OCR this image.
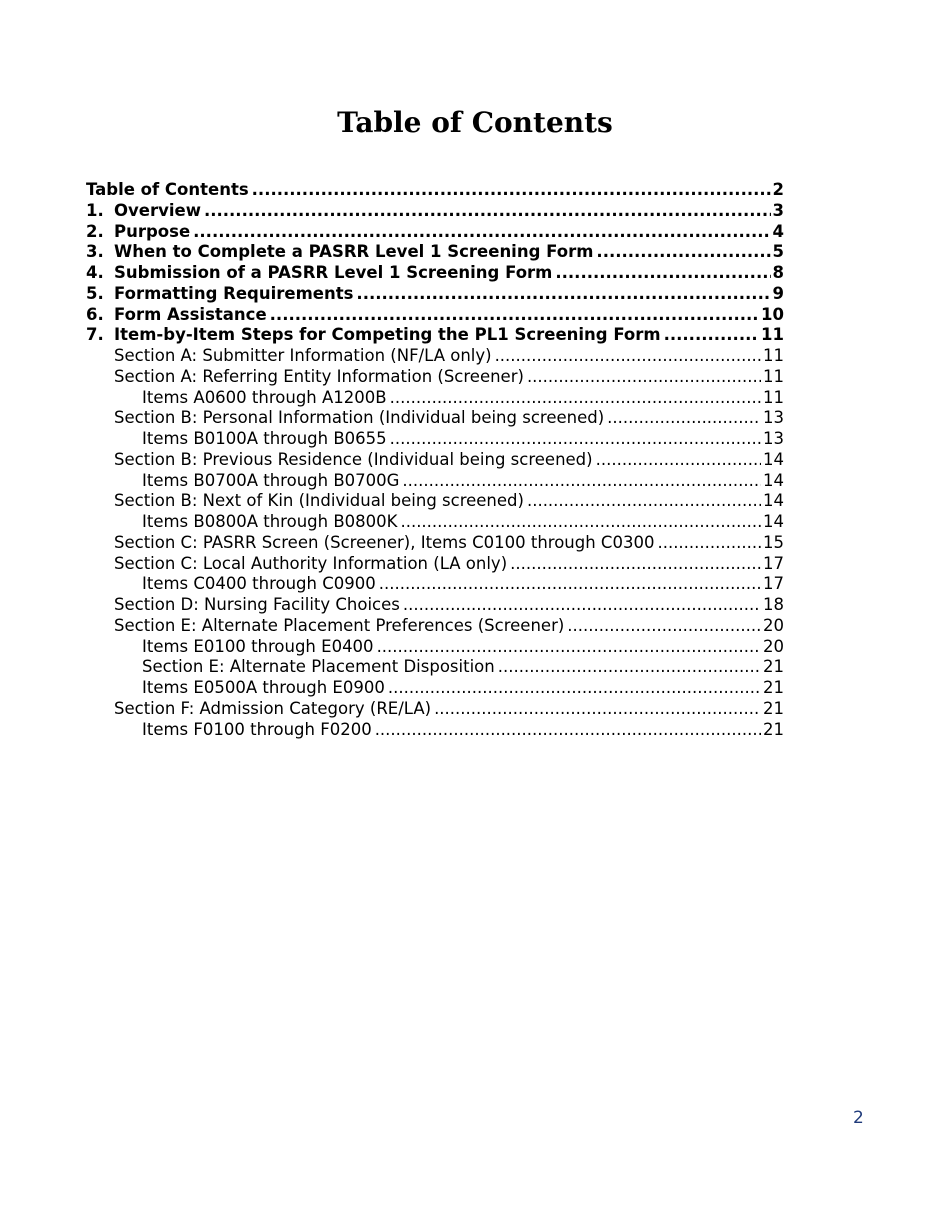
Table of Contents
Table of Contents .....	2
1. Overview .....	3
2. Purpose .....	4
3. When to Complete a PASRR Level 1 Screening Form .....	5
4. Submission of a PASRR Level 1 Screening Form .....	8
5. Formatting Requirements .....	9
6. Form Assistance .....	10
7. Item-by-Item Steps for Competing the PL1 Screening Form .....	11
Section A: Submitter Information (NF/LA only) .....	11
Section A: Referring Entity Information (Screener) .....	11
Items A0600 through A1200B .....	11
Section B: Personal Information (Individual being screened) .....	13
Items B0100A through B0655 .....	13
Section B: Previous Residence (Individual being screened) .....	14
Items B0700A through B0700G .....	14
Section B: Next of Kin (Individual being screened) .....	14
Items B0800A through B0800K .....	14
Section C: PASRR Screen (Screener), Items C0100 through C0300 .....	15
Section C: Local Authority Information (LA only) .....	17
Items C0400 through C0900 .....	17
Section D: Nursing Facility Choices .....	18
Section E: Alternate Placement Preferences (Screener) .....	20
Items E0100 through E0400 .....	20
Section E: Alternate Placement Disposition .....	21
Items E0500A through E0900 .....	21
Section F: Admission Category (RE/LA) .....	21
Items F0100 through F0200 .....	21
2
